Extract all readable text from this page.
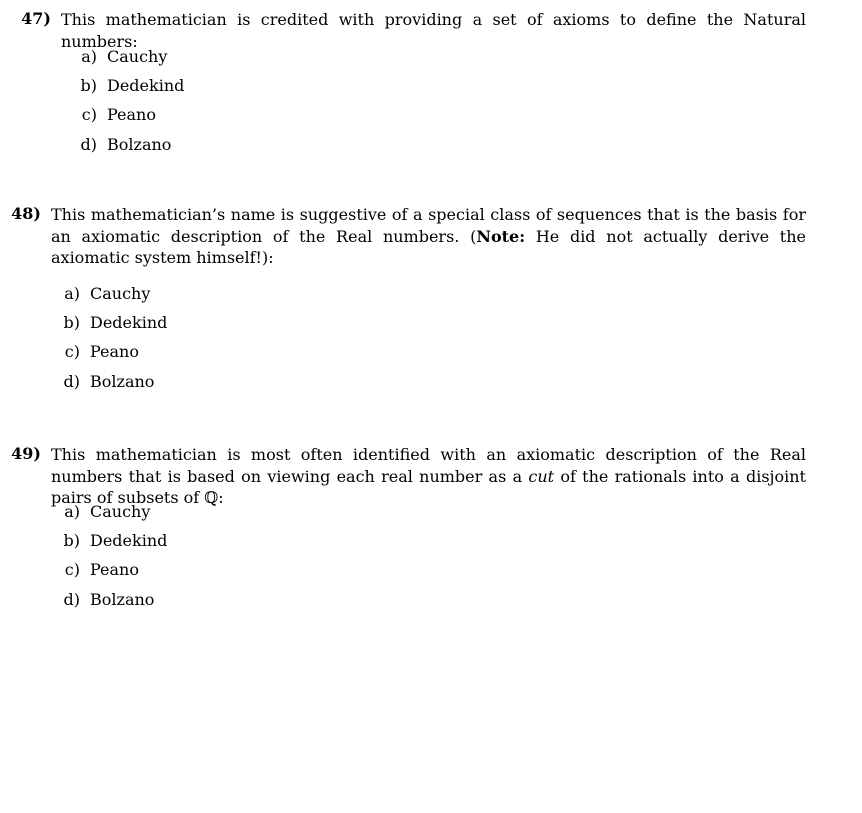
47) This mathematician is credited with providing a set of axioms to define the Natural numbers:
a) Cauchy
b) Dedekind
c) Peano
d) Bolzano
48) This mathematician’s name is suggestive of a special class of sequences that is the basis for an axiomatic description of the Real numbers. (Note: He did not actually derive the axiomatic system himself!):
a) Cauchy
b) Dedekind
c) Peano
d) Bolzano
49) This mathematician is most often identified with an axiomatic description of the Real numbers that is based on viewing each real number as a cut of the rationals into a disjoint pairs of subsets of ℚ:
a) Cauchy
b) Dedekind
c) Peano
d) Bolzano
